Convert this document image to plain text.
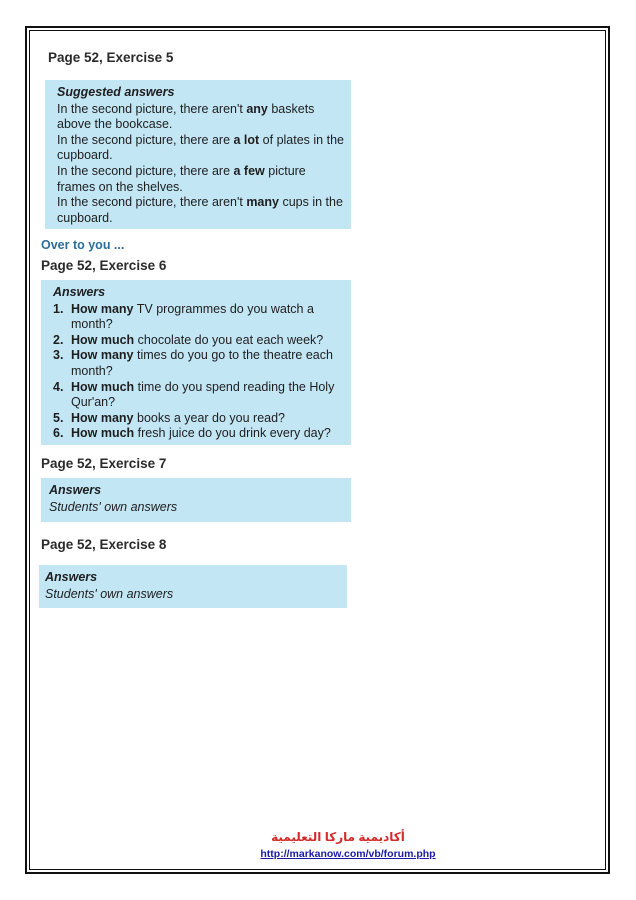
Page 52, Exercise 5

Suggested answers

In the second picture, there aren't any baskets above the bookcase.

In the second picture, there are a lot of plates in the cupboard.

In the second picture, there are a few picture frames on the shelves.

In the second picture, there aren't many cups in the cupboard.

Over to you ...
Page 52, Exercise 6

Answers

1. How many TV programmes do you watch a month?
2. How much chocolate do you eat each week?
3. How many times do you go to the theatre each month?
4. How much time do you spend reading the Holy Qur'an?
5. How many books a year do you read?
6. How much fresh juice do you drink every day?
Page 52, Exercise 7

Answers

Students' own answers

Page 52, Exercise 8

Answers

Students' own answers

أكاديمية ماركا التعليمية
http://markanow.com/vb/forum.php
